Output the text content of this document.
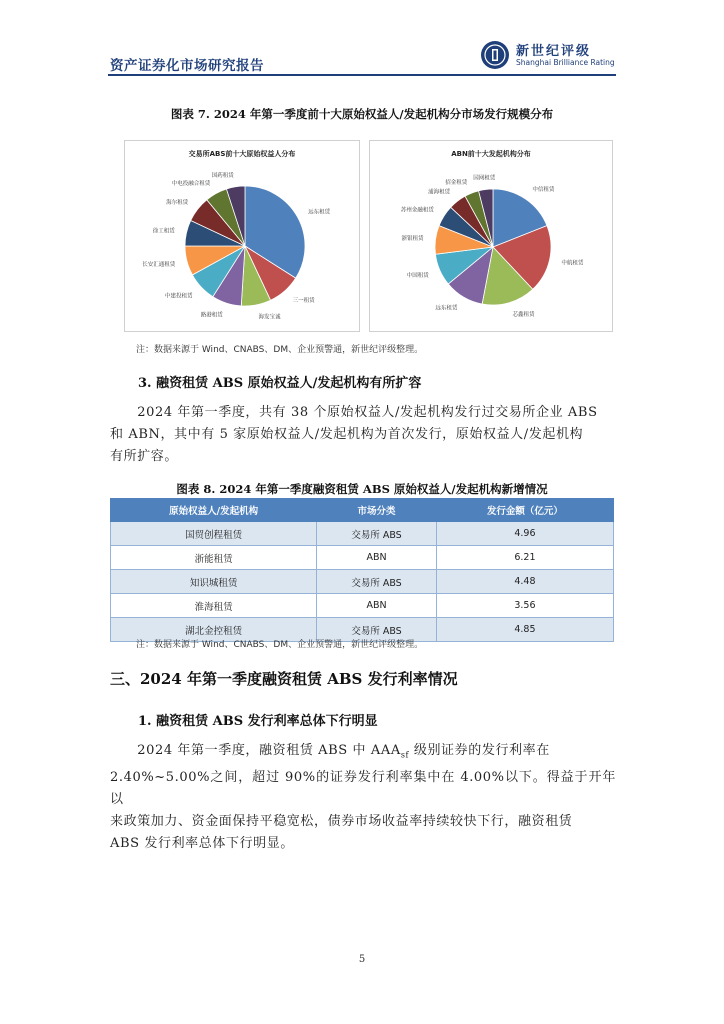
资产证券化市场研究报告
新世纪评级
Shanghai Brilliance Rating
图表 7. 2024 年第一季度前十大原始权益人/发起机构分市场发行规模分布
交易所ABS前十大原始权益人分布
远东租赁
三一租赁
海发宝诚
路港租赁
中建投租赁
长安汇通租赁
徐工租赁
海尔租赁
中电投融合租赁
国药租赁
ABN前十大发起机构分布
中信租赁
中航租赁
芯鑫租赁
远东租赁
中国租赁
浙银租赁
苏州金融租赁
浦海租赁
招金租赁
国网租赁
注：数据来源于 Wind、CNABS、DM、企业预警通，新世纪评级整理。
3. 融资租赁 ABS 原始权益人/发起机构有所扩容
　　2024 年第一季度，共有 38 个原始权益人/发起机构发行过交易所企业 ABS
和 ABN，其中有 5 家原始权益人/发起机构为首次发行，原始权益人/发起机构
有所扩容。
图表 8. 2024 年第一季度融资租赁 ABS 原始权益人/发起机构新增情况
原始权益人/发起机构	市场分类	发行金额（亿元）
国贸创程租赁	交易所 ABS	4.96
浙能租赁	ABN	6.21
知识城租赁	交易所 ABS	4.48
淮海租赁	ABN	3.56
湖北金控租赁	交易所 ABS	4.85
注：数据来源于 Wind、CNABS、DM、企业预警通，新世纪评级整理。
三、2024 年第一季度融资租赁 ABS 发行利率情况
1. 融资租赁 ABS 发行利率总体下行明显
　　2024 年第一季度，融资租赁 ABS 中 $AAA_{sf}$ 级别证券的发行利率在
2.40%~5.00%之间，超过 90%的证券发行利率集中在 4.00%以下。得益于开年以
来政策加力、资金面保持平稳宽松，债券市场收益率持续较快下行，融资租赁
ABS 发行利率总体下行明显。
5
